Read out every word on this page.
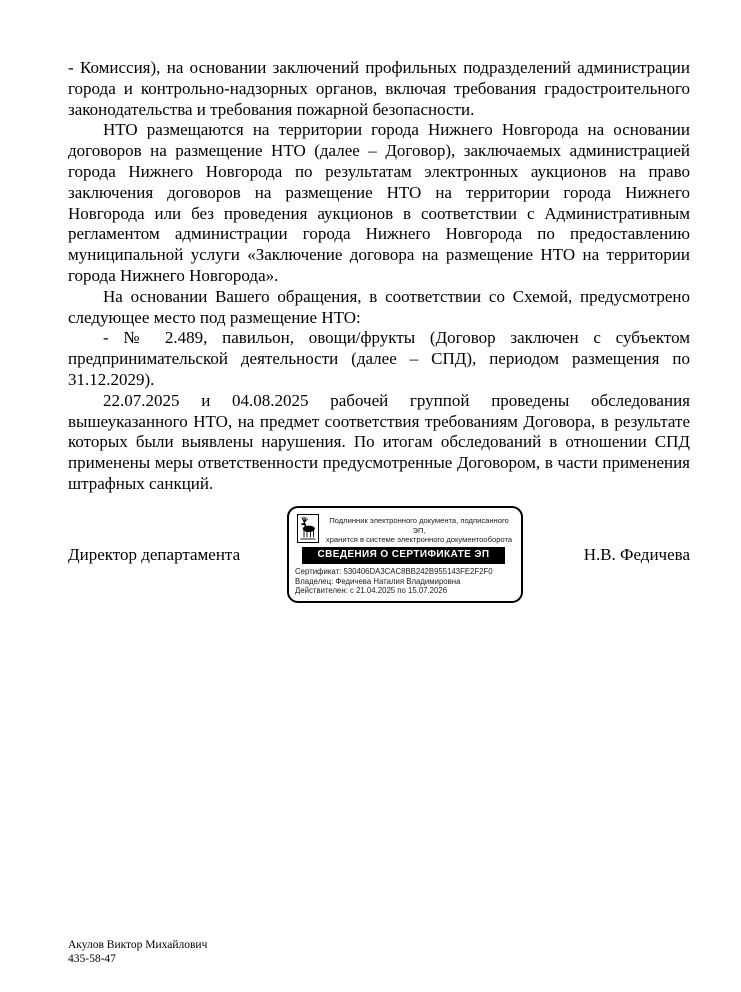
- Комиссия), на основании заключений профильных подразделений администрации города и контрольно-надзорных органов, включая требования градостроительного законодательства и требования пожарной безопасности.

НТО размещаются на территории города Нижнего Новгорода на основании договоров на размещение НТО (далее – Договор), заключаемых администрацией города Нижнего Новгорода по результатам электронных аукционов на право заключения договоров на размещение НТО на территории города Нижнего Новгорода или без проведения аукционов в соответствии с Административным регламентом администрации города Нижнего Новгорода по предоставлению муниципальной услуги «Заключение договора на размещение НТО на территории города Нижнего Новгорода».

На основании Вашего обращения, в соответствии со Схемой, предусмотрено следующее место под размещение НТО:

- № 2.489, павильон, овощи/фрукты (Договор заключен с субъектом предпринимательской деятельности (далее – СПД), периодом размещения по 31.12.2029).

22.07.2025 и 04.08.2025 рабочей группой проведены обследования вышеуказанного НТО, на предмет соответствия требованиям Договора, в результате которых были выявлены нарушения. По итогам обследований в отношении СПД применены меры ответственности предусмотренные Договором, в части применения штрафных санкций.

Директор департамента	Н.В. Федичева
Подлинник электронного документа, подписанного ЭП,
хранится в системе электронного документооборота
СВЕДЕНИЯ О СЕРТИФИКАТЕ ЭП
Сертификат: 530406DA3CAC8BB242B955143FE2F2F0
Владелец: Федичева Наталия Владимировна
Действителен: с 21.04.2025 по 15.07.2026
Акулов Виктор Михайлович
435-58-47
